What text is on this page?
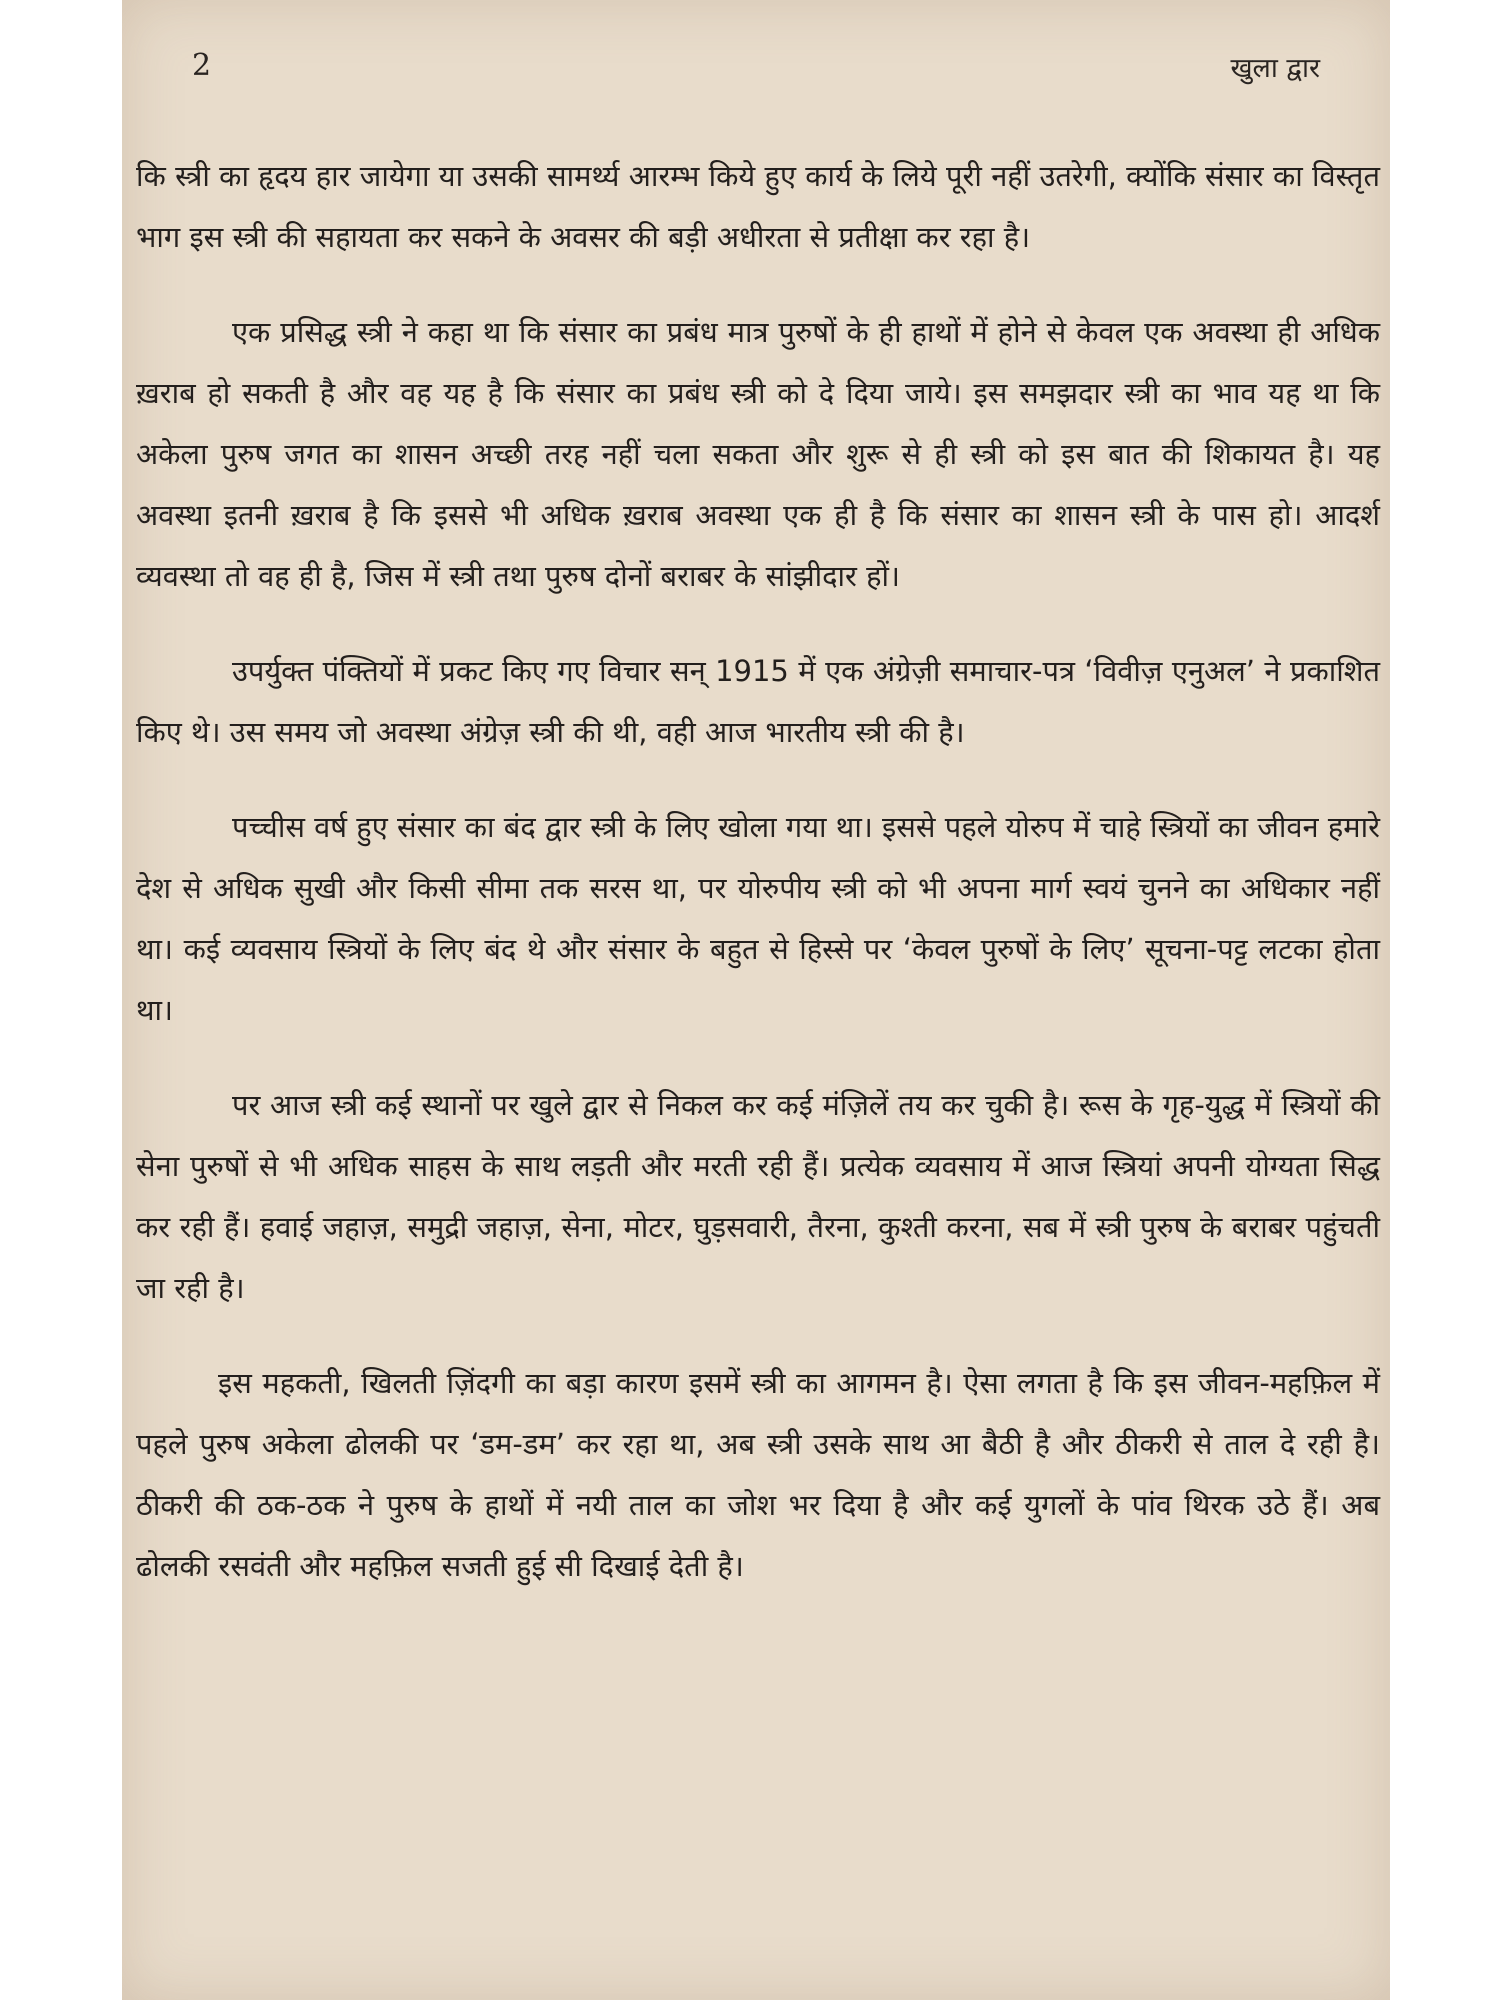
2	खुला द्वार

कि स्त्री का हृदय हार जायेगा या उसकी सामर्थ्य आरम्भ किये हुए कार्य के लिये पूरी नहीं उतरेगी, क्योंकि संसार का विस्तृत भाग इस स्त्री की सहायता कर सकने के अवसर की बड़ी अधीरता से प्रतीक्षा कर रहा है।

एक प्रसिद्ध स्त्री ने कहा था कि संसार का प्रबंध मात्र पुरुषों के ही हाथों में होने से केवल एक अवस्था ही अधिक ख़राब हो सकती है और वह यह है कि संसार का प्रबंध स्त्री को दे दिया जाये। इस समझदार स्त्री का भाव यह था कि अकेला पुरुष जगत का शासन अच्छी तरह नहीं चला सकता और शुरू से ही स्त्री को इस बात की शिकायत है। यह अवस्था इतनी ख़राब है कि इससे भी अधिक ख़राब अवस्था एक ही है कि संसार का शासन स्त्री के पास हो। आदर्श व्यवस्था तो वह ही है, जिस में स्त्री तथा पुरुष दोनों बराबर के सांझीदार हों।

उपर्युक्त पंक्तियों में प्रकट किए गए विचार सन् 1915 में एक अंग्रेज़ी समाचार-पत्र ‘विवीज़ एनुअल’ ने प्रकाशित किए थे। उस समय जो अवस्था अंग्रेज़ स्त्री की थी, वही आज भारतीय स्त्री की है।

पच्चीस वर्ष हुए संसार का बंद द्वार स्त्री के लिए खोला गया था। इससे पहले योरुप में चाहे स्त्रियों का जीवन हमारे देश से अधिक सुखी और किसी सीमा तक सरस था, पर योरुपीय स्त्री को भी अपना मार्ग स्वयं चुनने का अधिकार नहीं था। कई व्यवसाय स्त्रियों के लिए बंद थे और संसार के बहुत से हिस्से पर ‘केवल पुरुषों के लिए’ सूचना-पट्ट लटका होता था।

पर आज स्त्री कई स्थानों पर खुले द्वार से निकल कर कई मंज़िलें तय कर चुकी है। रूस के गृह-युद्ध में स्त्रियों की सेना पुरुषों से भी अधिक साहस के साथ लड़ती और मरती रही हैं। प्रत्येक व्यवसाय में आज स्त्रियां अपनी योग्यता सिद्ध कर रही हैं। हवाई जहाज़, समुद्री जहाज़, सेना, मोटर, घुड़सवारी, तैरना, कुश्ती करना, सब में स्त्री पुरुष के बराबर पहुंचती जा रही है।

इस महकती, खिलती ज़िंदगी का बड़ा कारण इसमें स्त्री का आगमन है। ऐसा लगता है कि इस जीवन-महफ़िल में पहले पुरुष अकेला ढोलकी पर ‘डम-डम’ कर रहा था, अब स्त्री उसके साथ आ बैठी है और ठीकरी से ताल दे रही है। ठीकरी की ठक-ठक ने पुरुष के हाथों में नयी ताल का जोश भर दिया है और कई युगलों के पांव थिरक उठे हैं। अब ढोलकी रसवंती और महफ़िल सजती हुई सी दिखाई देती है।
